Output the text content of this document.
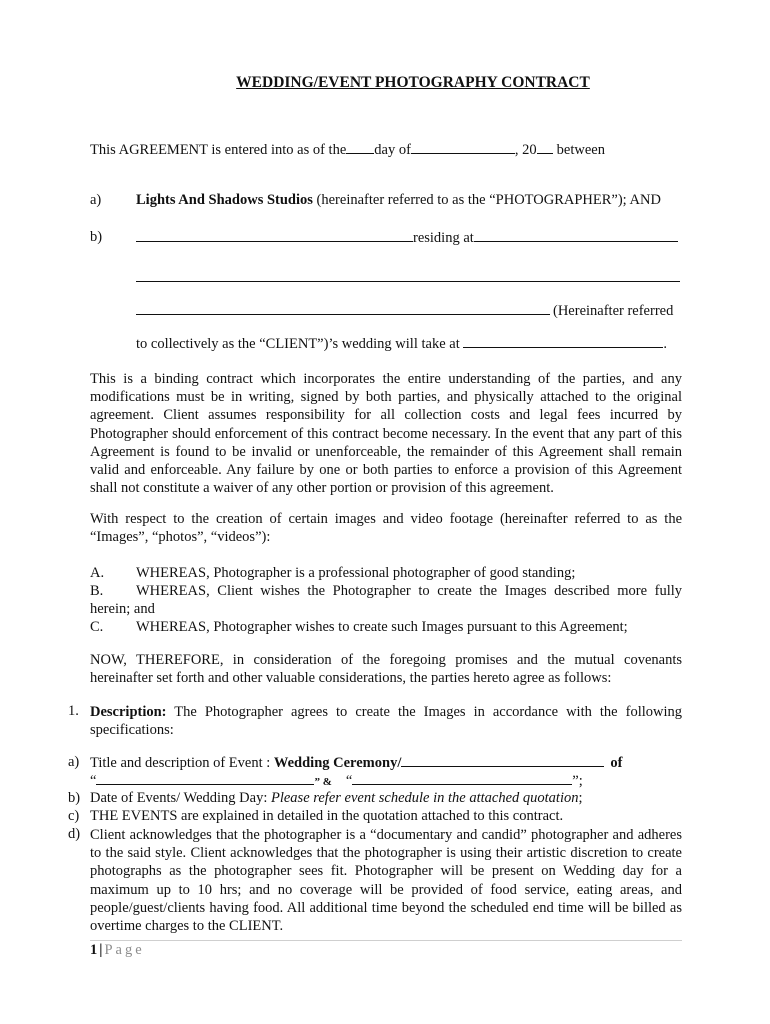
WEDDING/EVENT PHOTOGRAPHY CONTRACT
This AGREEMENT is entered into as of the day of	, 20 between
a) Lights And Shadows Studios (hereinafter referred to as the “PHOTOGRAPHER”); AND
b)	residing at
(Hereinafter referred
to collectively as the “CLIENT”)’s wedding will take at	.
This is a binding contract which incorporates the entire understanding of the parties, and any modifications must be in writing, signed by both parties, and physically attached to the original agreement. Client assumes responsibility for all collection costs and legal fees incurred by Photographer should enforcement of this contract become necessary. In the event that any part of this Agreement is found to be invalid or unenforceable, the remainder of this Agreement shall remain valid and enforceable. Any failure by one or both parties to enforce a provision of this Agreement shall not constitute a waiver of any other portion or provision of this agreement.
With respect to the creation of certain images and video footage (hereinafter referred to as the “Images”, “photos”, “videos”):
A. WHEREAS, Photographer is a professional photographer of good standing;
B. WHEREAS, Client wishes the Photographer to create the Images described more fully
herein; and
C. WHEREAS, Photographer wishes to create such Images pursuant to this Agreement;
NOW, THEREFORE, in consideration of the foregoing promises and the mutual covenants hereinafter set forth and other valuable considerations, the parties hereto agree as follows:
1. Description: The Photographer agrees to create the Images in accordance with the following specifications:
a) Title and description of Event : Wedding Ceremony/	of
“	” & “	”;
b) Date of Events/ Wedding Day: Please refer event schedule in the attached quotation;
c) THE EVENTS are explained in detailed in the quotation attached to this contract.
d) Client acknowledges that the photographer is a “documentary and candid” photographer and adheres to the said style. Client acknowledges that the photographer is using their artistic discretion to create photographs as the photographer sees fit. Photographer will be present on Wedding day for a maximum up to 10 hrs; and no coverage will be provided of food service, eating areas, and people/guest/clients having food. All additional time beyond the scheduled end time will be billed as overtime charges to the CLIENT.
1 | Page
